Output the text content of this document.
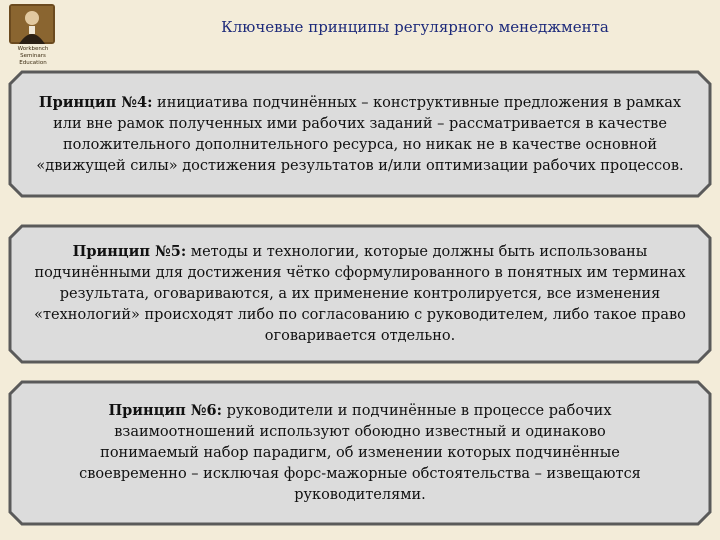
Workbench Seminars
Education
Ключевые принципы регулярного менеджмента
Принцип №4: инициатива подчинённых – конструктивные предложения в рамках или вне рамок полученных ими рабочих заданий – рассматривается в качестве положительного дополнительного ресурса, но никак не в качестве основной «движущей силы» достижения результатов и/или оптимизации рабочих процессов.
Принцип №5: методы и технологии, которые должны быть использованы подчинёнными для достижения чётко сформулированного в понятных им терминах результата, оговариваются, а их применение контролируется, все изменения «технологий» происходят либо по согласованию с руководителем, либо такое право оговаривается отдельно.
Принцип №6: руководители и подчинённые в процессе рабочих взаимоотношений используют обоюдно известный и одинаково понимаемый набор парадигм, об изменении которых подчинённые своевременно – исключая форс-мажорные обстоятельства – извещаются руководителями.
